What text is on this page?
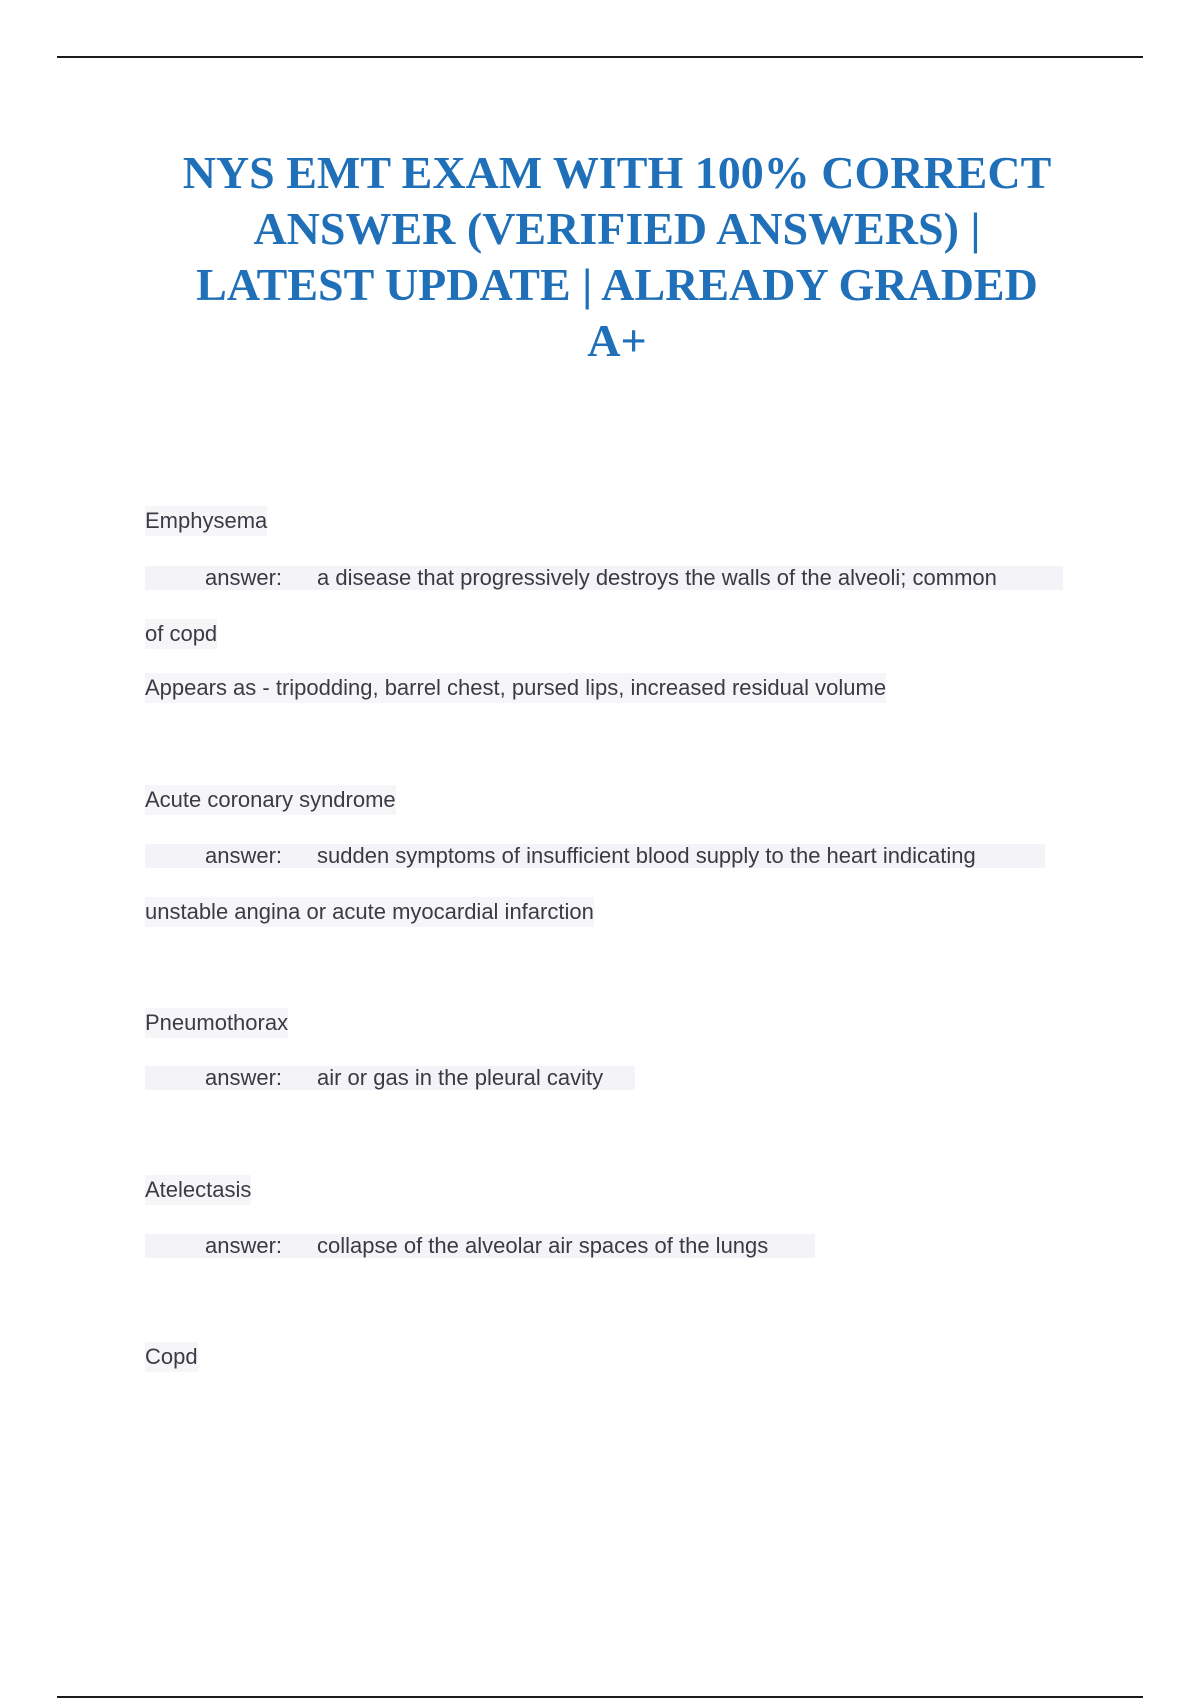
NYS EMT EXAM WITH 100% CORRECT
ANSWER (VERIFIED ANSWERS) |
LATEST UPDATE | ALREADY GRADED
A+
Emphysema
answer: a disease that progressively destroys the walls of the alveoli; common
of copd
Appears as - tripodding, barrel chest, pursed lips, increased residual volume
Acute coronary syndrome
answer: sudden symptoms of insufficient blood supply to the heart indicating
unstable angina or acute myocardial infarction
Pneumothorax
answer: air or gas in the pleural cavity
Atelectasis
answer: collapse of the alveolar air spaces of the lungs
Copd
